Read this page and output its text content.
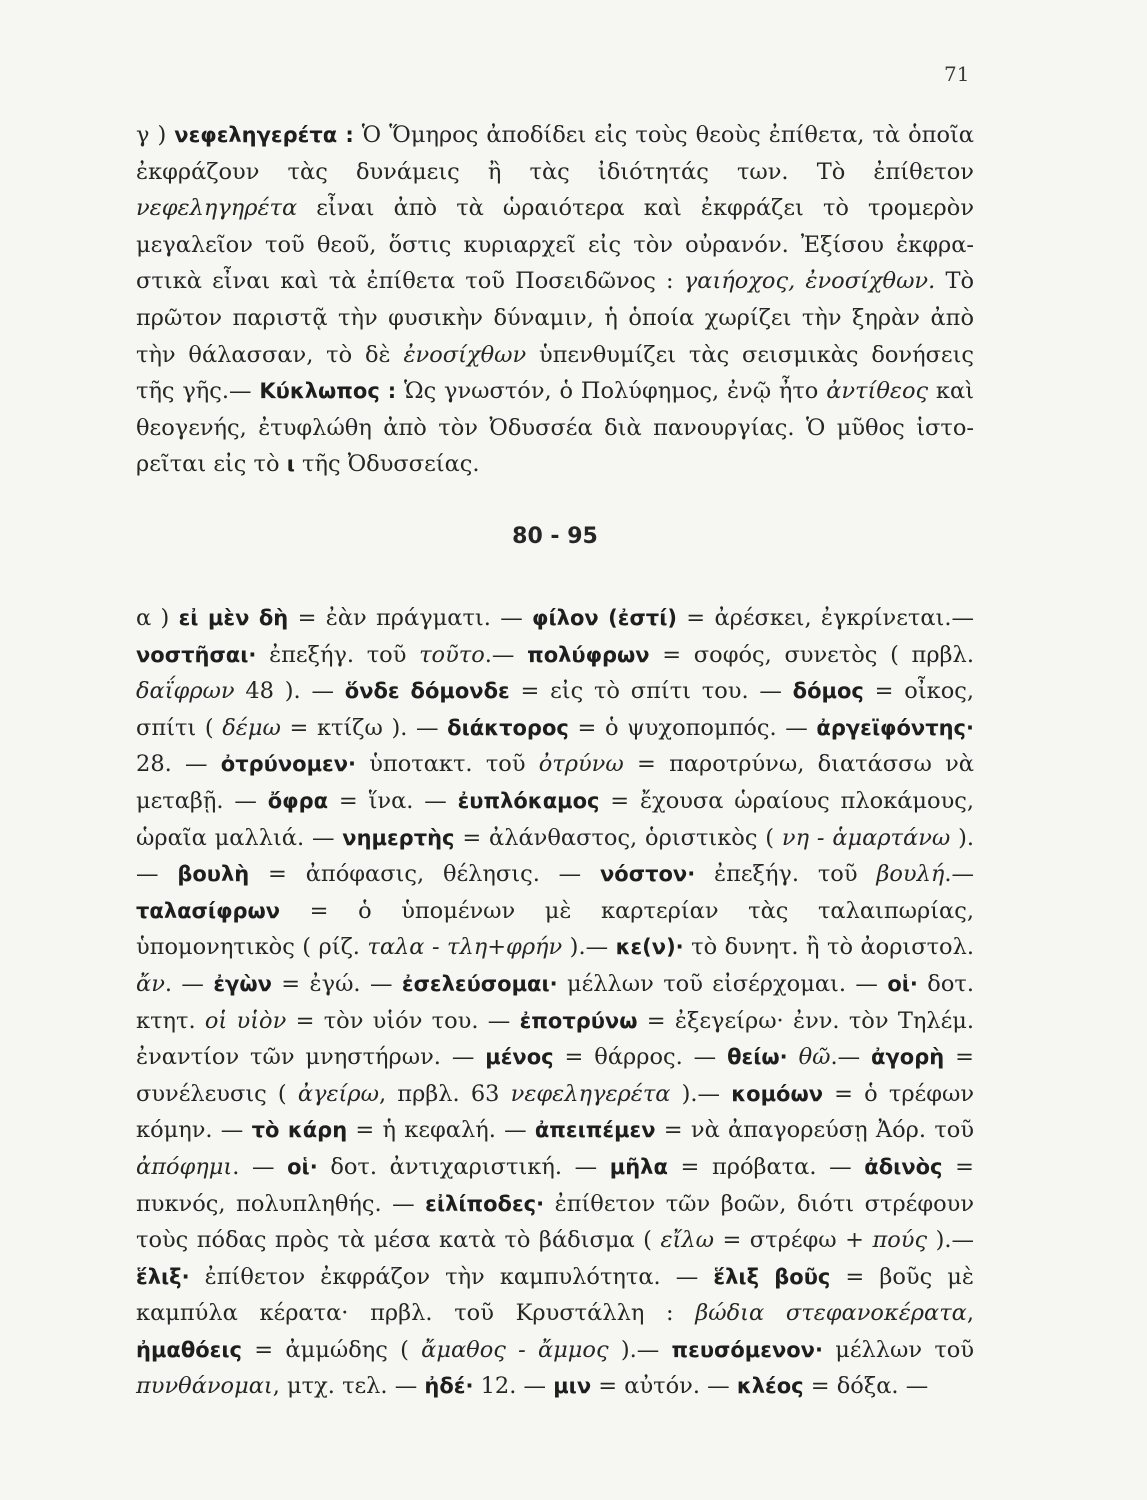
71
γ ) νεφεληγερέτα : Ὁ Ὅμηρος ἀποδίδει εἰς τοὺς θεοὺς ἐπίθετα, τὰ ὁποῖα ἐκφράζουν τὰς δυνάμεις ἢ τὰς ἰδιότητάς των. Τὸ ἐπίθετον νεφεληγηρέτα εἶναι ἀπὸ τὰ ὡραιότερα καὶ ἐκφράζει τὸ τρομερὸν μεγαλεῖον τοῦ θεοῦ, ὅστις κυριαρχεῖ εἰς τὸν οὐρανόν. Ἐξίσου ἐκφραστικὰ εἶναι καὶ τὰ ἐπίθετα τοῦ Ποσειδῶνος : γαιήοχος, ἐνοσίχθων. Τὸ πρῶτον παριστᾷ τὴν φυσικὴν δύναμιν, ἡ ὁποία χωρίζει τὴν ξηρὰν ἀπὸ τὴν θάλασσαν, τὸ δὲ ἐνοσίχθων ὑπενθυμίζει τὰς σεισμικὰς δονήσεις τῆς γῆς.— Κύκλωπος : Ὡς γνωστόν, ὁ Πολύφημος, ἐνῷ ἦτο ἀντίθεος καὶ θεογενής, ἐτυφλώθη ἀπὸ τὸν Ὀδυσσέα διὰ πανουργίας. Ὁ μῦθος ἱστορεῖται εἰς τὸ ι τῆς Ὀδυσσείας.
80 - 95
α ) εἰ μὲν δὴ = ἐὰν πράγματι. — φίλον (ἐστί) = ἀρέσκει, ἐγκρίνεται.— νοστῆσαι· ἐπεξήγ. τοῦ τοῦτο.— πολύφρων = σοφός, συνετὸς ( πρβλ. δαΐφρων 48 ). — ὅνδε δόμονδε = εἰς τὸ σπίτι του. — δόμος = οἶκος, σπίτι ( δέμω = κτίζω ). — διάκτορος = ὁ ψυχοπομπός. — ἀργεϊφόντης· 28. — ὀτρύνομεν· ὑποτακτ. τοῦ ὀτρύνω = παροτρύνω, διατάσσω νὰ μεταβῇ. — ὄφρα = ἵνα. — ἐυπλόκαμος = ἔχουσα ὡραίους πλοκάμους, ὡραῖα μαλλιά. — νημερτὴς = ἀλάνθαστος, ὁριστικὸς ( νη - ἁμαρτάνω ).— βουλὴ = ἀπόφασις, θέλησις. — νόστον· ἐπεξήγ. τοῦ βουλή.— ταλασίφρων = ὁ ὑπομένων μὲ καρτερίαν τὰς ταλαιπωρίας, ὑπομονητικὸς ( ρίζ. ταλα - τλη+φρήν ).— κε(ν)· τὸ δυνητ. ἢ τὸ ἀοριστολ. ἄν. — ἐγὼν = ἐγώ. — ἐσελεύσομαι· μέλλων τοῦ εἰσέρχομαι. — οἱ· δοτ. κτητ. οἱ υἱὸν = τὸν υἱόν του. — ἐποτρύνω = ἐξεγείρω· ἐνν. τὸν Τηλέμ. ἐναντίον τῶν μνηστήρων. — μένος = θάρρος. — θείω· θῶ.— ἀγορὴ = συνέλευσις ( ἀγείρω, πρβλ. 63 νεφεληγερέτα ).— κομόων = ὁ τρέφων κόμην. — τὸ κάρη = ἡ κεφαλή. — ἀπειπέμεν = νὰ ἀπαγορεύσῃ Ἀόρ. τοῦ ἀπόφημι. — οἱ· δοτ. ἀντιχαριστική. — μῆλα = πρόβατα. — ἀδινὸς = πυκνός, πολυπληθής. — εἰλίποδες· ἐπίθετον τῶν βοῶν, διότι στρέφουν τοὺς πόδας πρὸς τὰ μέσα κατὰ τὸ βάδισμα ( εἴλω = στρέφω + πούς ).— ἕλιξ· ἐπίθετον ἐκφράζον τὴν καμπυλότητα. — ἕλιξ βοῦς = βοῦς μὲ καμπύλα κέρατα· πρβλ. τοῦ Κρυστάλλη : βώδια στεφανοκέρατα, ἠμαθόεις = ἀμμώδης ( ἄμαθος - ἄμμος ).— πευσόμενον· μέλλων τοῦ πυνθάνομαι, μτχ. τελ. — ἠδέ· 12. — μιν = αὐτόν. — κλέος = δόξα. —
